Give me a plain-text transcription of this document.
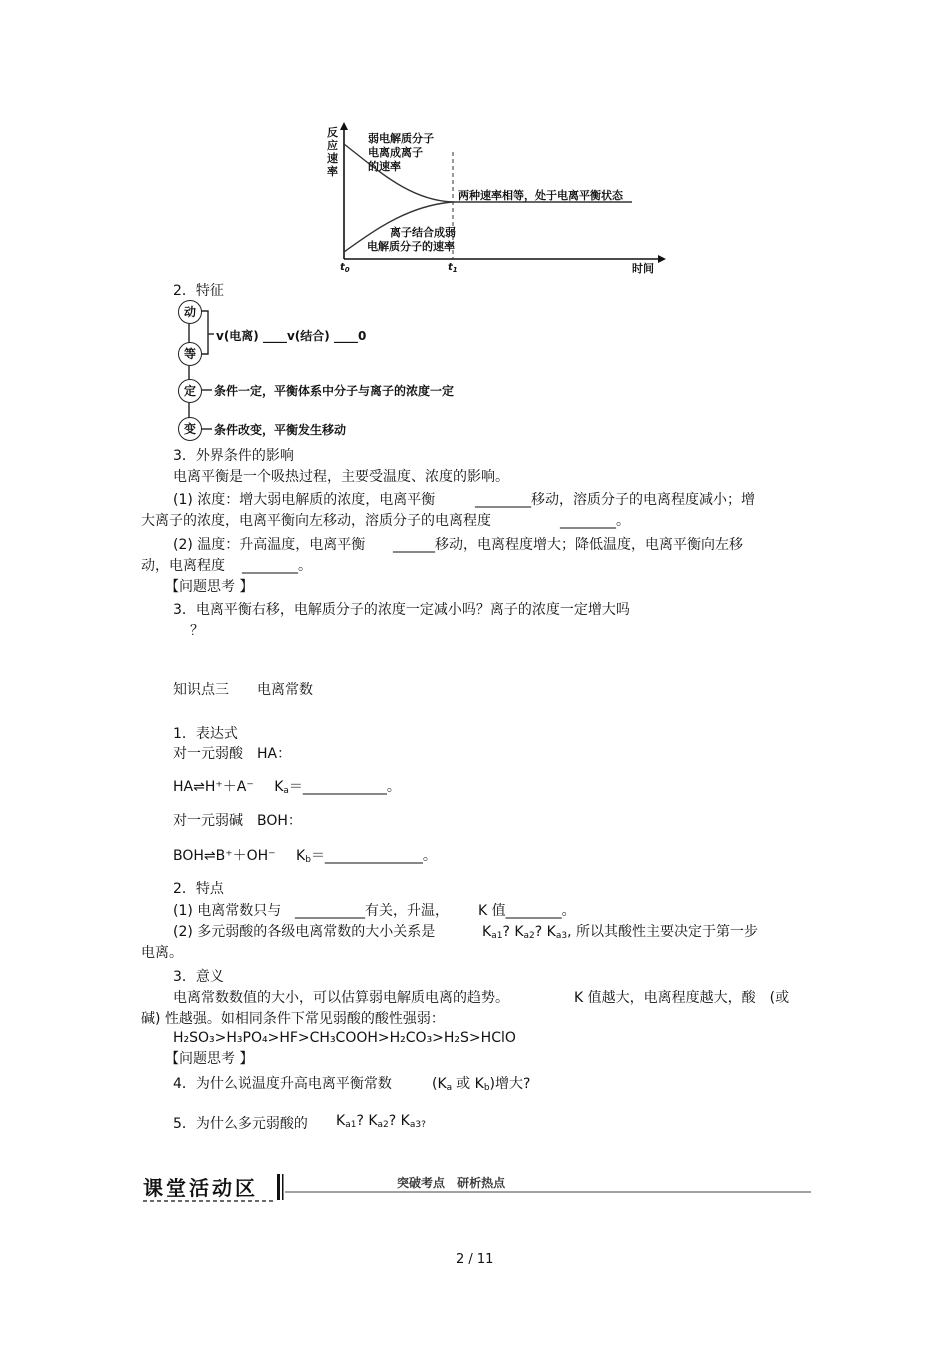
反
应
速
率
弱电解质分子
电离成离子
的速率
两种速率相等，处于电离平衡状态
离子结合成弱
电解质分子的速率
$t_0$	$t_1$	时间
2．特征
动
等
定
变
v(电离) ____v(结合) ____0
条件一定，平衡体系中分子与离子的浓度一定
条件改变，平衡发生移动
3．外界条件的影响
电离平衡是一个吸热过程，主要受温度、浓度的影响。
(1) 浓度：增大弱电解质的浓度，电离平衡	________移动，溶质分子的电离程度减小；增
大离子的浓度，电离平衡向左移动，溶质分子的电离程度	________。
(2) 温度：升高温度，电离平衡 ______移动，电离程度增大；降低温度，电离平衡向左移
动，电离程度 ________。
【问题思考 】
3．电离平衡右移，电解质分子的浓度一定减小吗？离子的浓度一定增大吗
？
知识点三 电离常数
1．表达式
对一元弱酸　HA：
HA⇌H⁺＋A⁻ $K_a=\_\_\_\_\_\_\_\_\_\_\_\_$。
对一元弱碱　BOH：
BOH⇌B⁺＋OH⁻ $K_b=\_\_\_\_\_\_\_\_\_\_\_\_\_\_$。
2．特点
(1) 电离常数只与 __________有关，升温， K 值________。
(2) 多元弱酸的各级电离常数的大小关系是	$K_{a1}$? $K_{a2}$? $K_{a3}$, 所以其酸性主要决定于第一步
电离。
3．意义
电离常数数值的大小，可以估算弱电解质电离的趋势。	K 值越大，电离程度越大，酸　(或
碱) 性越强。如相同条件下常见弱酸的酸性强弱：
H₂SO₃>H₃PO₄>HF>CH₃COOH>H₂CO₃>H₂S>HClO
【问题思考 】
4．为什么说温度升高电离平衡常数	($K_a$ 或 $K_b$)增大?
5．为什么多元弱酸的 $K_{a1}$? $K_{a2}$? $K_{a3?}$
课堂活动区	突破考点 研析热点
2 / 11
